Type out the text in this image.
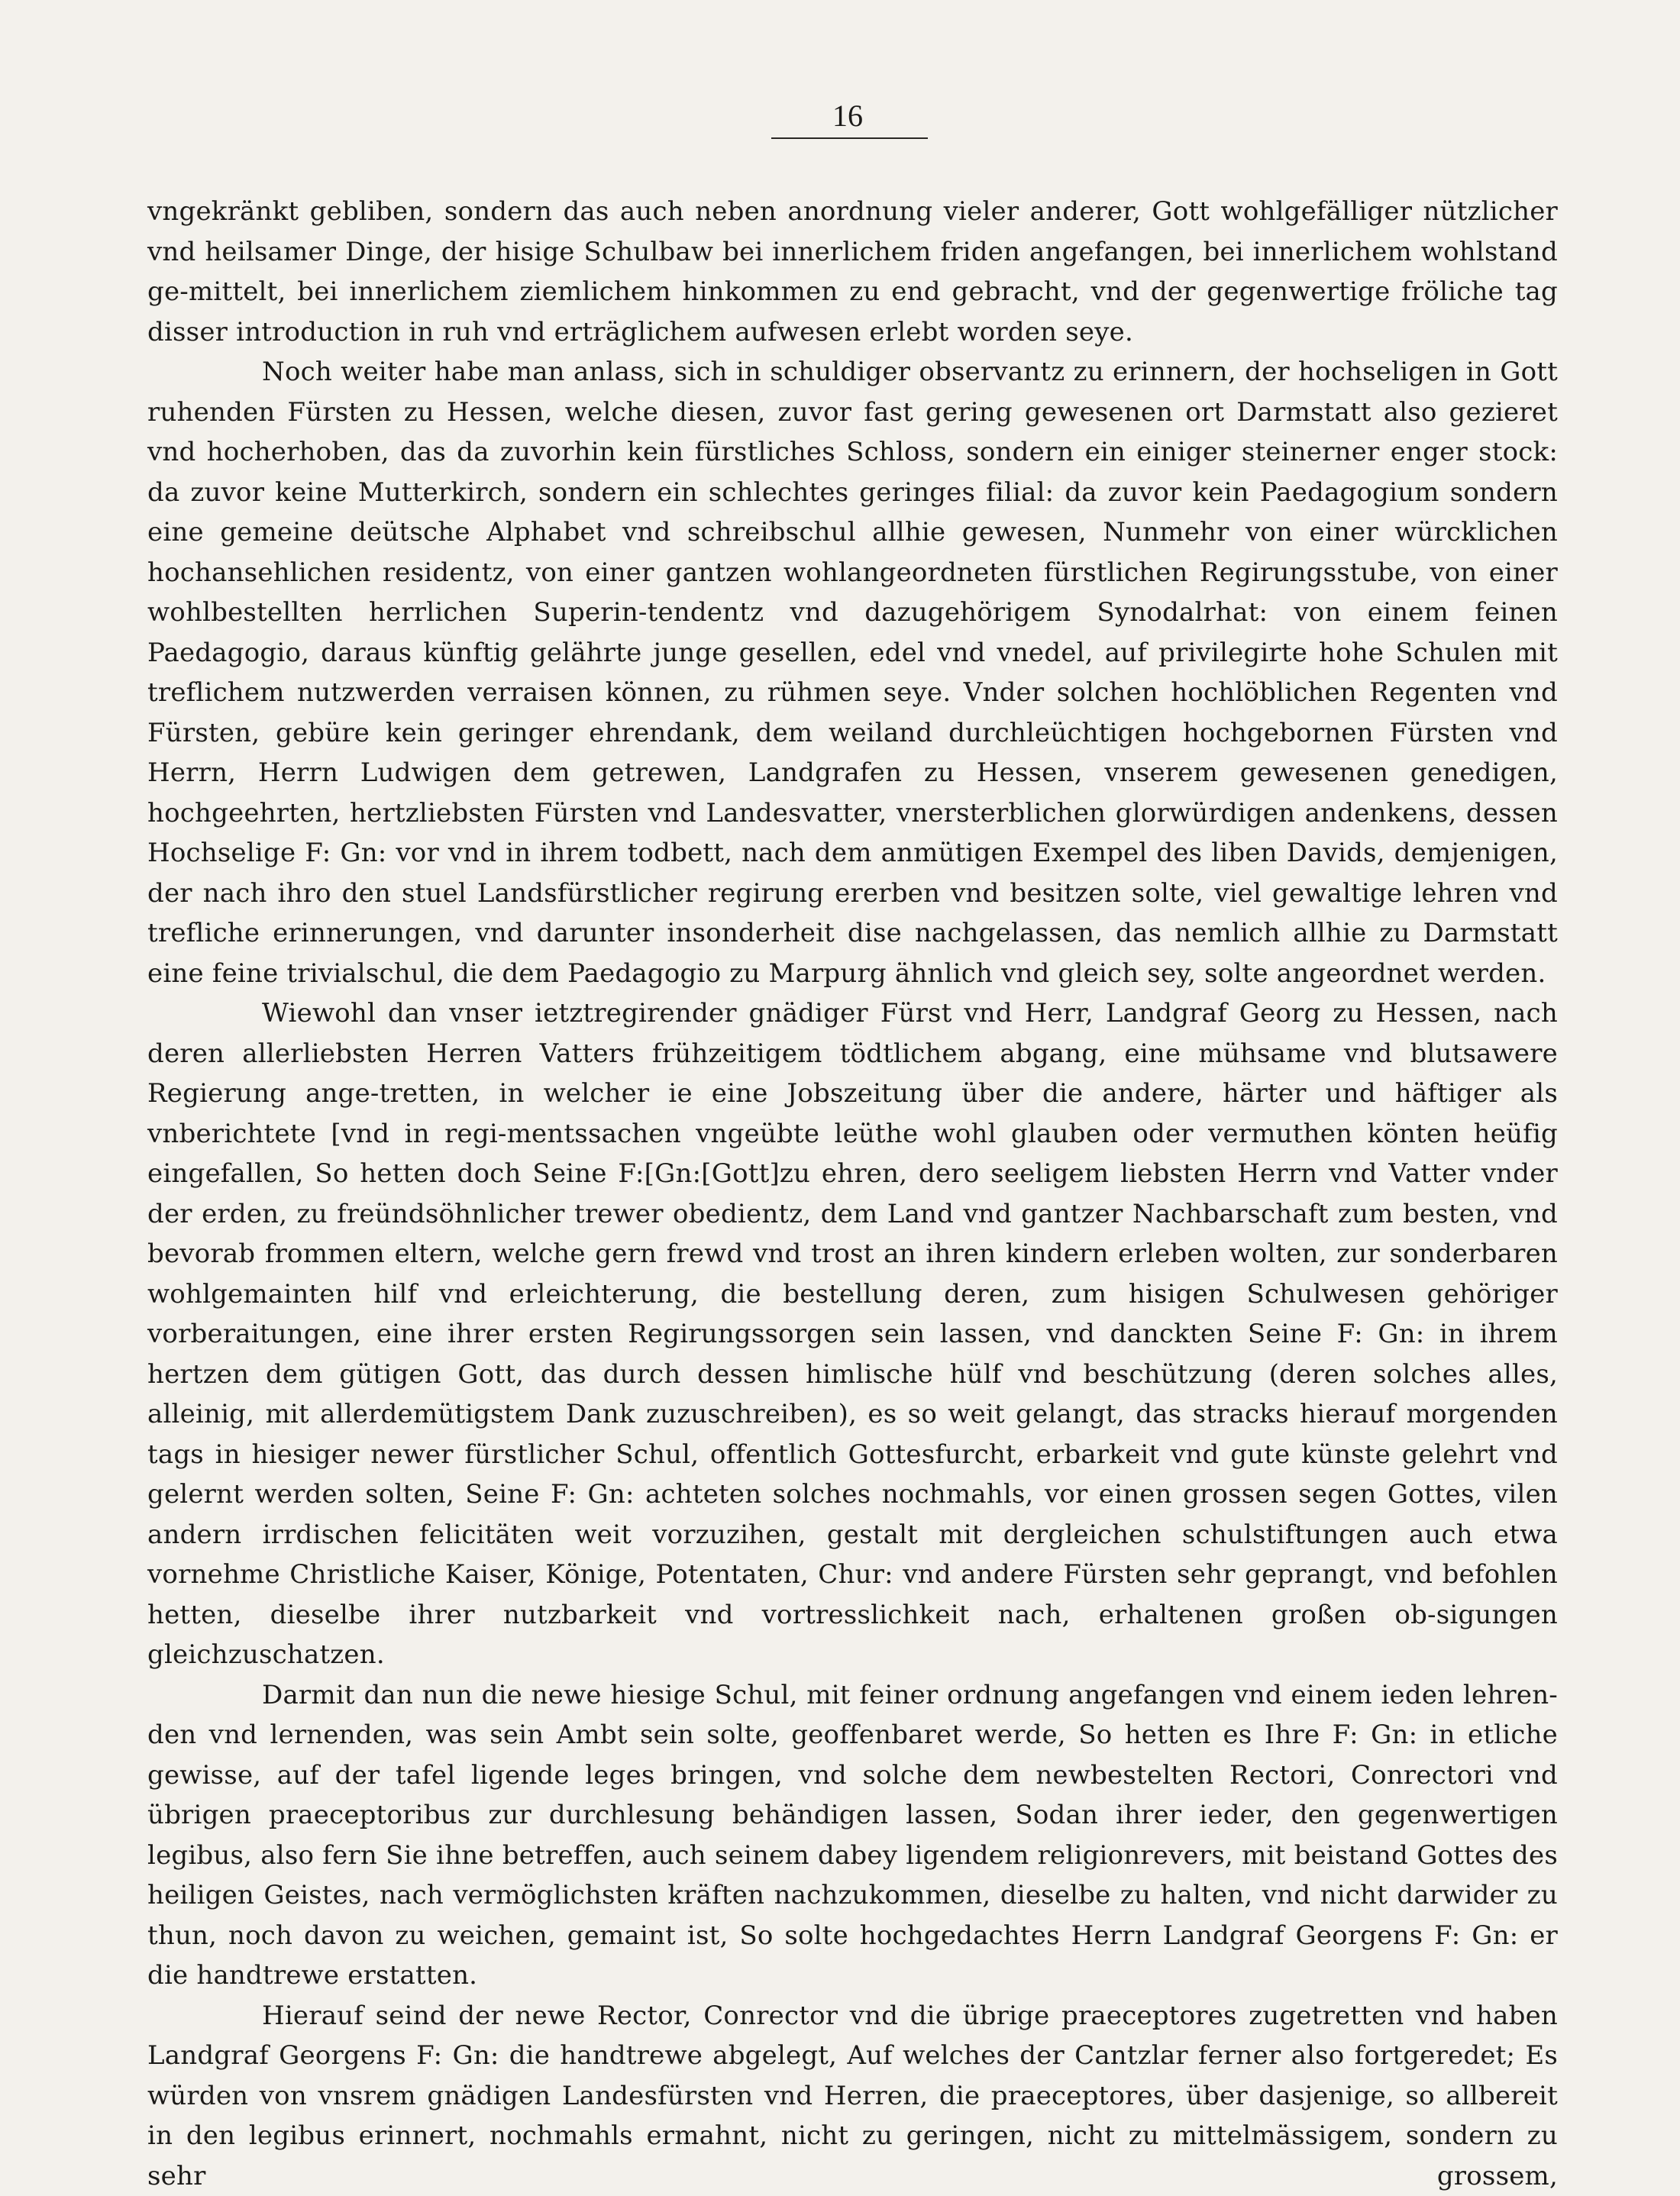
16

vngekränkt gebliben, sondern das auch neben anordnung vieler anderer, Gott wohlgefälliger nützlicher vnd heilsamer Dinge, der hisige Schulbaw bei innerlichem friden angefangen, bei innerlichem wohlstand ge-mittelt, bei innerlichem ziemlichem hinkommen zu end gebracht, vnd der gegenwertige fröliche tag disser introduction in ruh vnd erträglichem aufwesen erlebt worden seye.

Noch weiter habe man anlass, sich in schuldiger observantz zu erinnern, der hochseligen in Gott ruhenden Fürsten zu Hessen, welche diesen, zuvor fast gering gewesenen ort Darmstatt also gezieret vnd hocherhoben, das da zuvorhin kein fürstliches Schloss, sondern ein einiger steinerner enger stock: da zuvor keine Mutterkirch, sondern ein schlechtes geringes filial: da zuvor kein Paedagogium sondern eine gemeine deütsche Alphabet vnd schreibschul allhie gewesen, Nunmehr von einer würcklichen hochansehlichen residentz, von einer gantzen wohlangeordneten fürstlichen Regirungsstube, von einer wohlbestellten herrlichen Superin-tendentz vnd dazugehörigem Synodalrhat: von einem feinen Paedagogio, daraus künftig gelährte junge gesellen, edel vnd vnedel, auf privilegirte hohe Schulen mit treflichem nutzwerden verraisen können, zu rühmen seye. Vnder solchen hochlöblichen Regenten vnd Fürsten, gebüre kein geringer ehrendank, dem weiland durchleüchtigen hochgebornen Fürsten vnd Herrn, Herrn Ludwigen dem getrewen, Landgrafen zu Hessen, vnserem gewesenen genedigen, hochgeehrten, hertzliebsten Fürsten vnd Landesvatter, vnersterblichen glorwürdigen andenkens, dessen Hochselige F: Gn: vor vnd in ihrem todbett, nach dem anmütigen Exempel des liben Davids, demjenigen, der nach ihro den stuel Landsfürstlicher regirung ererben vnd besitzen solte, viel gewaltige lehren vnd trefliche erinnerungen, vnd darunter insonderheit dise nachgelassen, das nemlich allhie zu Darmstatt eine feine trivialschul, die dem Paedagogio zu Marpurg ähnlich vnd gleich sey, solte angeordnet werden.

Wiewohl dan vnser ietztregirender gnädiger Fürst vnd Herr, Landgraf Georg zu Hessen, nach deren allerliebsten Herren Vatters frühzeitigem tödtlichem abgang, eine mühsame vnd blutsawere Regierung ange-tretten, in welcher ie eine Jobszeitung über die andere, härter und häftiger als vnberichtete [vnd in regi-mentssachen vngeübte leüthe wohl glauben oder vermuthen könten heüfig eingefallen, So hetten doch Seine F:[Gn:[Gott]zu ehren, dero seeligem liebsten Herrn vnd Vatter vnder der erden, zu freündsöhnlicher trewer obedientz, dem Land vnd gantzer Nachbarschaft zum besten, vnd bevorab frommen eltern, welche gern frewd vnd trost an ihren kindern erleben wolten, zur sonderbaren wohlgemainten hilf vnd erleichterung, die bestellung deren, zum hisigen Schulwesen gehöriger vorberaitungen, eine ihrer ersten Regirungssorgen sein lassen, vnd danckten Seine F: Gn: in ihrem hertzen dem gütigen Gott, das durch dessen himlische hülf vnd beschützung (deren solches alles, alleinig, mit allerdemütigstem Dank zuzuschreiben), es so weit gelangt, das stracks hierauf morgenden tags in hiesiger newer fürstlicher Schul, offentlich Gottesfurcht, erbarkeit vnd gute künste gelehrt vnd gelernt werden solten, Seine F: Gn: achteten solches nochmahls, vor einen grossen segen Gottes, vilen andern irrdischen felicitäten weit vorzuzihen, gestalt mit dergleichen schulstiftungen auch etwa vornehme Christliche Kaiser, Könige, Potentaten, Chur: vnd andere Fürsten sehr geprangt, vnd befohlen hetten, dieselbe ihrer nutzbarkeit vnd vortresslichkeit nach, erhaltenen großen ob-sigungen gleichzuschatzen.

Darmit dan nun die newe hiesige Schul, mit feiner ordnung angefangen vnd einem ieden lehren-den vnd lernenden, was sein Ambt sein solte, geoffenbaret werde, So hetten es Ihre F: Gn: in etliche gewisse, auf der tafel ligende leges bringen, vnd solche dem newbestelten Rectori, Conrectori vnd übrigen praeceptoribus zur durchlesung behändigen lassen, Sodan ihrer ieder, den gegenwertigen legibus, also fern Sie ihne betreffen, auch seinem dabey ligendem religionrevers, mit beistand Gottes des heiligen Geistes, nach vermöglichsten kräften nachzukommen, dieselbe zu halten, vnd nicht darwider zu thun, noch davon zu weichen, gemaint ist, So solte hochgedachtes Herrn Landgraf Georgens F: Gn: er die handtrewe erstatten.

Hierauf seind der newe Rector, Conrector vnd die übrige praeceptores zugetretten vnd haben Landgraf Georgens F: Gn: die handtrewe abgelegt, Auf welches der Cantzlar ferner also fortgeredet; Es würden von vnsrem gnädigen Landesfürsten vnd Herren, die praeceptores, über dasjenige, so allbereit in den legibus erinnert, nochmahls ermahnt, nicht zu geringen, nicht zu mittelmässigem, sondern zu sehr grossem,
